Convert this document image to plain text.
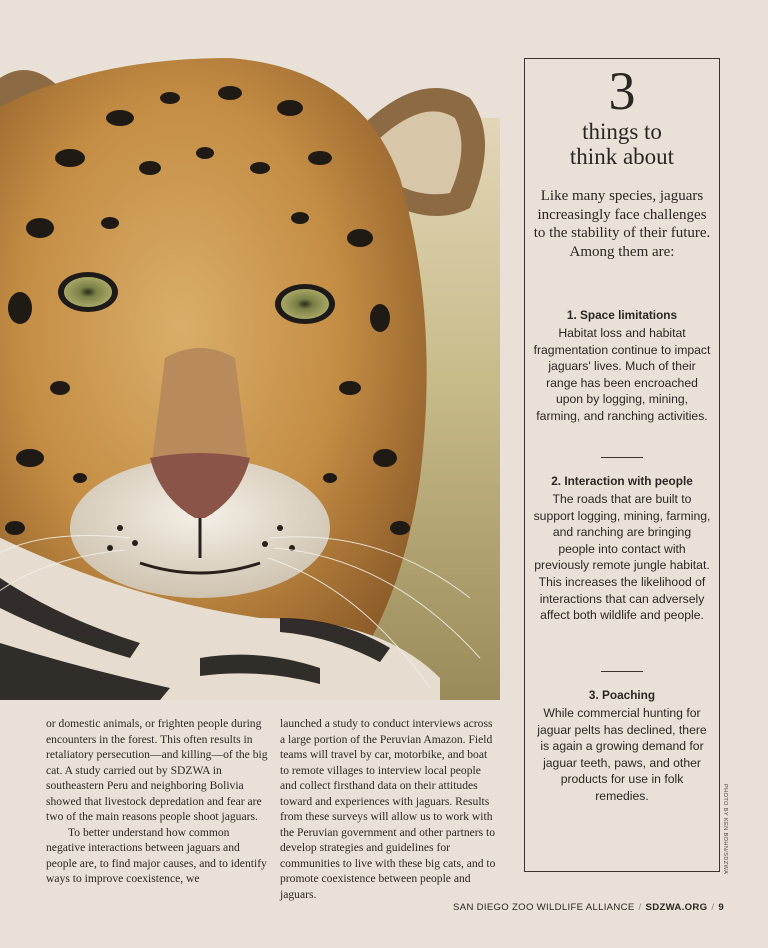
or domestic animals, or frighten people during encounters in the forest. This often results in retaliatory persecution—and killing—of the big cat. A study carried out by SDZWA in southeastern Peru and neighboring Bolivia showed that livestock depredation and fear are two of the main reasons people shoot jaguars.

To better understand how common negative interactions between jaguars and people are, to find major causes, and to identify ways to improve coexistence, we

launched a study to conduct interviews across a large portion of the Peruvian Amazon. Field teams will travel by car, motorbike, and boat to remote villages to interview local people and collect firsthand data on their attitudes toward and experiences with jaguars. Results from these surveys will allow us to work with the Peruvian government and other partners to develop strategies and guidelines for communities to live with these big cats, and to promote coexistence between people and jaguars.

3
things to
think about

Like many species, jaguars increasingly face challenges to the stability of their future. Among them are:

1. Space limitations

Habitat loss and habitat fragmentation continue to impact jaguars' lives. Much of their range has been encroached upon by logging, mining, farming, and ranching activities.

2. Interaction with people

The roads that are built to support logging, mining, farming, and ranching are bringing people into contact with previously remote jungle habitat. This increases the likelihood of interactions that can adversely affect both wildlife and people.

3. Poaching

While commercial hunting for jaguar pelts has declined, there is again a growing demand for jaguar teeth, paws, and other products for use in folk remedies.	PHOTO BY KEN BOHN/SDZWA
SAN DIEGO ZOO WILDLIFE ALLIANCE / SDZWA.ORG / 9
